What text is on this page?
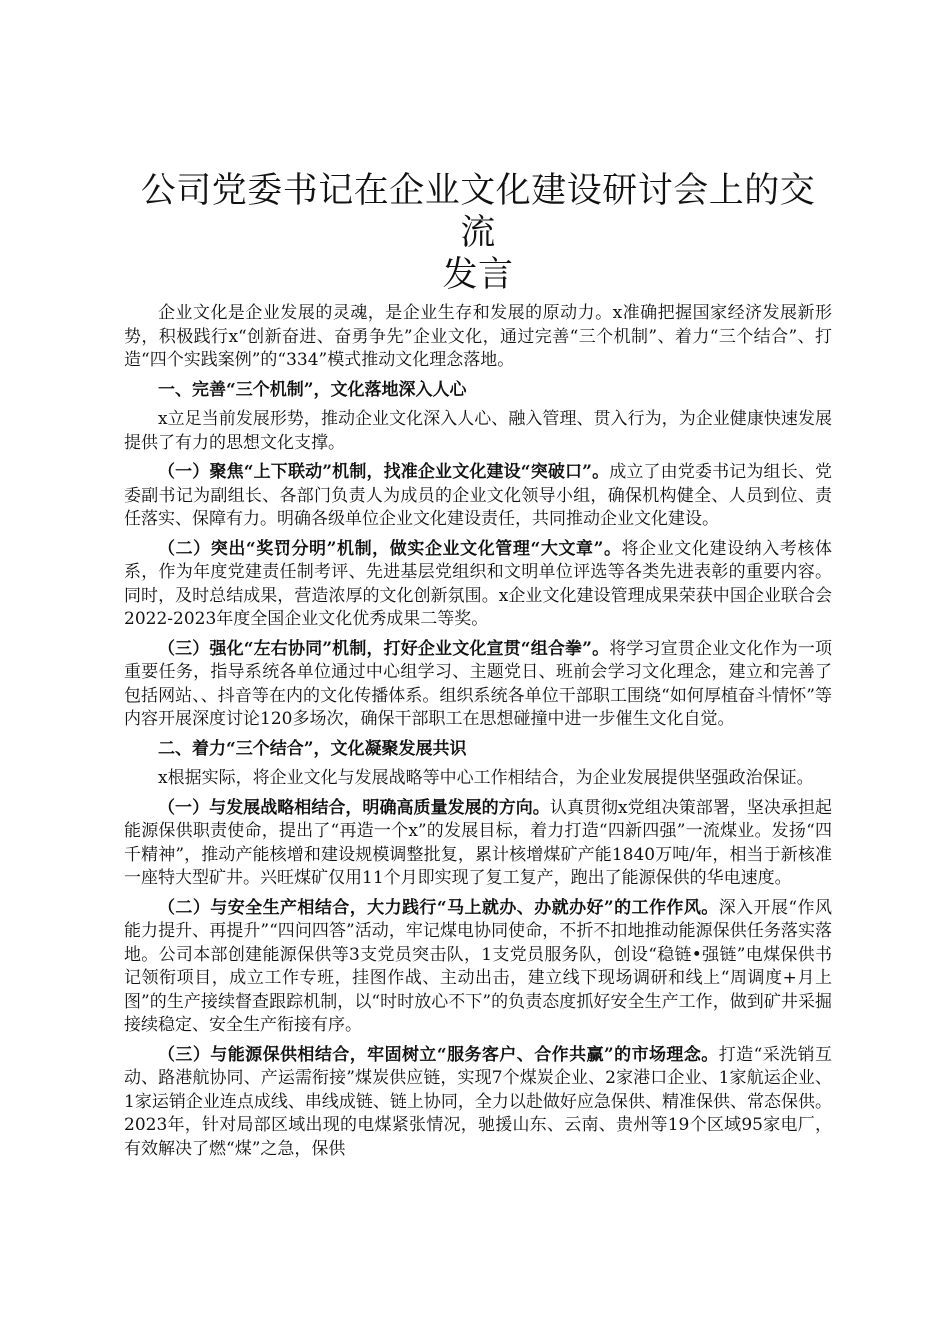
公司党委书记在企业文化建设研讨会上的交流
发言

企业文化是企业发展的灵魂，是企业生存和发展的原动力。x准确把握国家经济发展新形势，积极践行x“创新奋进、奋勇争先”企业文化，通过完善“三个机制”、着力“三个结合”、打造“四个实践案例”的“334”模式推动文化理念落地。

一、完善“三个机制”，文化落地深入人心

x立足当前发展形势，推动企业文化深入人心、融入管理、贯入行为，为企业健康快速发展提供了有力的思想文化支撑。

（一）聚焦“上下联动”机制，找准企业文化建设“突破口”。成立了由党委书记为组长、党委副书记为副组长、各部门负责人为成员的企业文化领导小组，确保机构健全、人员到位、责任落实、保障有力。明确各级单位企业文化建设责任，共同推动企业文化建设。

（二）突出“奖罚分明”机制，做实企业文化管理“大文章”。将企业文化建设纳入考核体系，作为年度党建责任制考评、先进基层党组织和文明单位评选等各类先进表彰的重要内容。同时，及时总结成果，营造浓厚的文化创新氛围。x企业文化建设管理成果荣获中国企业联合会2022-2023年度全国企业文化优秀成果二等奖。

（三）强化“左右协同”机制，打好企业文化宣贯“组合拳”。将学习宣贯企业文化作为一项重要任务，指导系统各单位通过中心组学习、主题党日、班前会学习文化理念，建立和完善了包括网站、、抖音等在内的文化传播体系。组织系统各单位干部职工围绕“如何厚植奋斗情怀”等内容开展深度讨论120多场次，确保干部职工在思想碰撞中进一步催生文化自觉。

二、着力“三个结合”，文化凝聚发展共识

x根据实际，将企业文化与发展战略等中心工作相结合，为企业发展提供坚强政治保证。

（一）与发展战略相结合，明确高质量发展的方向。认真贯彻x党组决策部署，坚决承担起能源保供职责使命，提出了“再造一个x”的发展目标，着力打造“四新四强”一流煤业。发扬“四千精神”，推动产能核增和建设规模调整批复，累计核增煤矿产能1840万吨/年，相当于新核准一座特大型矿井。兴旺煤矿仅用11个月即实现了复工复产，跑出了能源保供的华电速度。

（二）与安全生产相结合，大力践行“马上就办、办就办好”的工作作风。深入开展“作风能力提升、再提升”“四问四答”活动，牢记煤电协同使命，不折不扣地推动能源保供任务落实落地。公司本部创建能源保供等3支党员突击队，1支党员服务队，创设“稳链•强链”电煤保供书记领衔项目，成立工作专班，挂图作战、主动出击，建立线下现场调研和线上“周调度+月上图”的生产接续督查跟踪机制，以“时时放心不下”的负责态度抓好安全生产工作，做到矿井采掘接续稳定、安全生产衔接有序。

（三）与能源保供相结合，牢固树立“服务客户、合作共赢”的市场理念。打造“采洗销互动、路港航协同、产运需衔接”煤炭供应链，实现7个煤炭企业、2家港口企业、1家航运企业、1家运销企业连点成线、串线成链、链上协同，全力以赴做好应急保供、精准保供、常态保供。2023年，针对局部区域出现的电煤紧张情况，驰援山东、云南、贵州等19个区域95家电厂，有效解决了燃“煤”之急，保供
